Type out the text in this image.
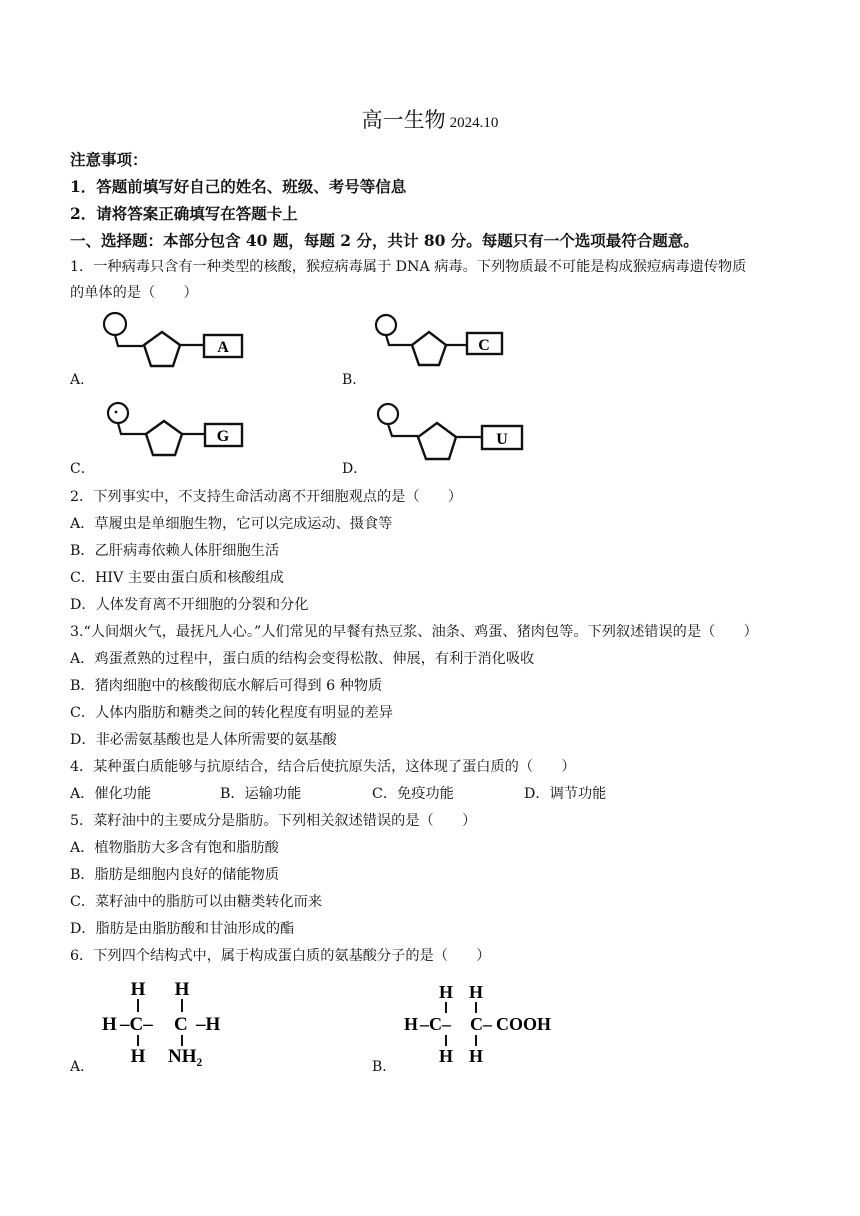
高一生物 2024.10
注意事项：
1．答题前填写好自己的姓名、班级、考号等信息
2．请将答案正确填写在答题卡上
一、选择题：本部分包含 40 题，每题 2 分，共计 80 分。每题只有一个选项最符合题意。
1．一种病毒只含有一种类型的核酸，猴痘病毒属于 DNA 病毒。下列物质最不可能是构成猴痘病毒遗传物质
的单体的是（　　）
A
A．
C
B．
G
C．
U
D．
2．下列事实中，不支持生命活动离不开细胞观点的是（　　）
A．草履虫是单细胞生物，它可以完成运动、摄食等
B．乙肝病毒依赖人体肝细胞生活
C．HIV 主要由蛋白质和核酸组成
D．人体发育离不开细胞的分裂和分化
3.“人间烟火气，最抚凡人心。”人们常见的早餐有热豆浆、油条、鸡蛋、猪肉包等。下列叙述错误的是（　　）
A．鸡蛋煮熟的过程中，蛋白质的结构会变得松散、伸展，有利于消化吸收
B．猪肉细胞中的核酸彻底水解后可得到 6 种物质
C．人体内脂肪和糖类之间的转化程度有明显的差异
D．非必需氨基酸也是人体所需要的氨基酸
4．某种蛋白质能够与抗原结合，结合后使抗原失活，这体现了蛋白质的（　　）
A．催化功能	B．运输功能	C．免疫功能	D．调节功能
5．菜籽油中的主要成分是脂肪。下列相关叙述错误的是（　　）
A．植物脂肪大多含有饱和脂肪酸
B．脂肪是细胞内良好的储能物质
C．菜籽油中的脂肪可以由糖类转化而来
D．脂肪是由脂肪酸和甘油形成的酯
6．下列四个结构式中，属于构成蛋白质的氨基酸分子的是（　　）
H H
H –C– C –H
H NH₂
A．
H H
H –C– C– COOH
H H
B．
